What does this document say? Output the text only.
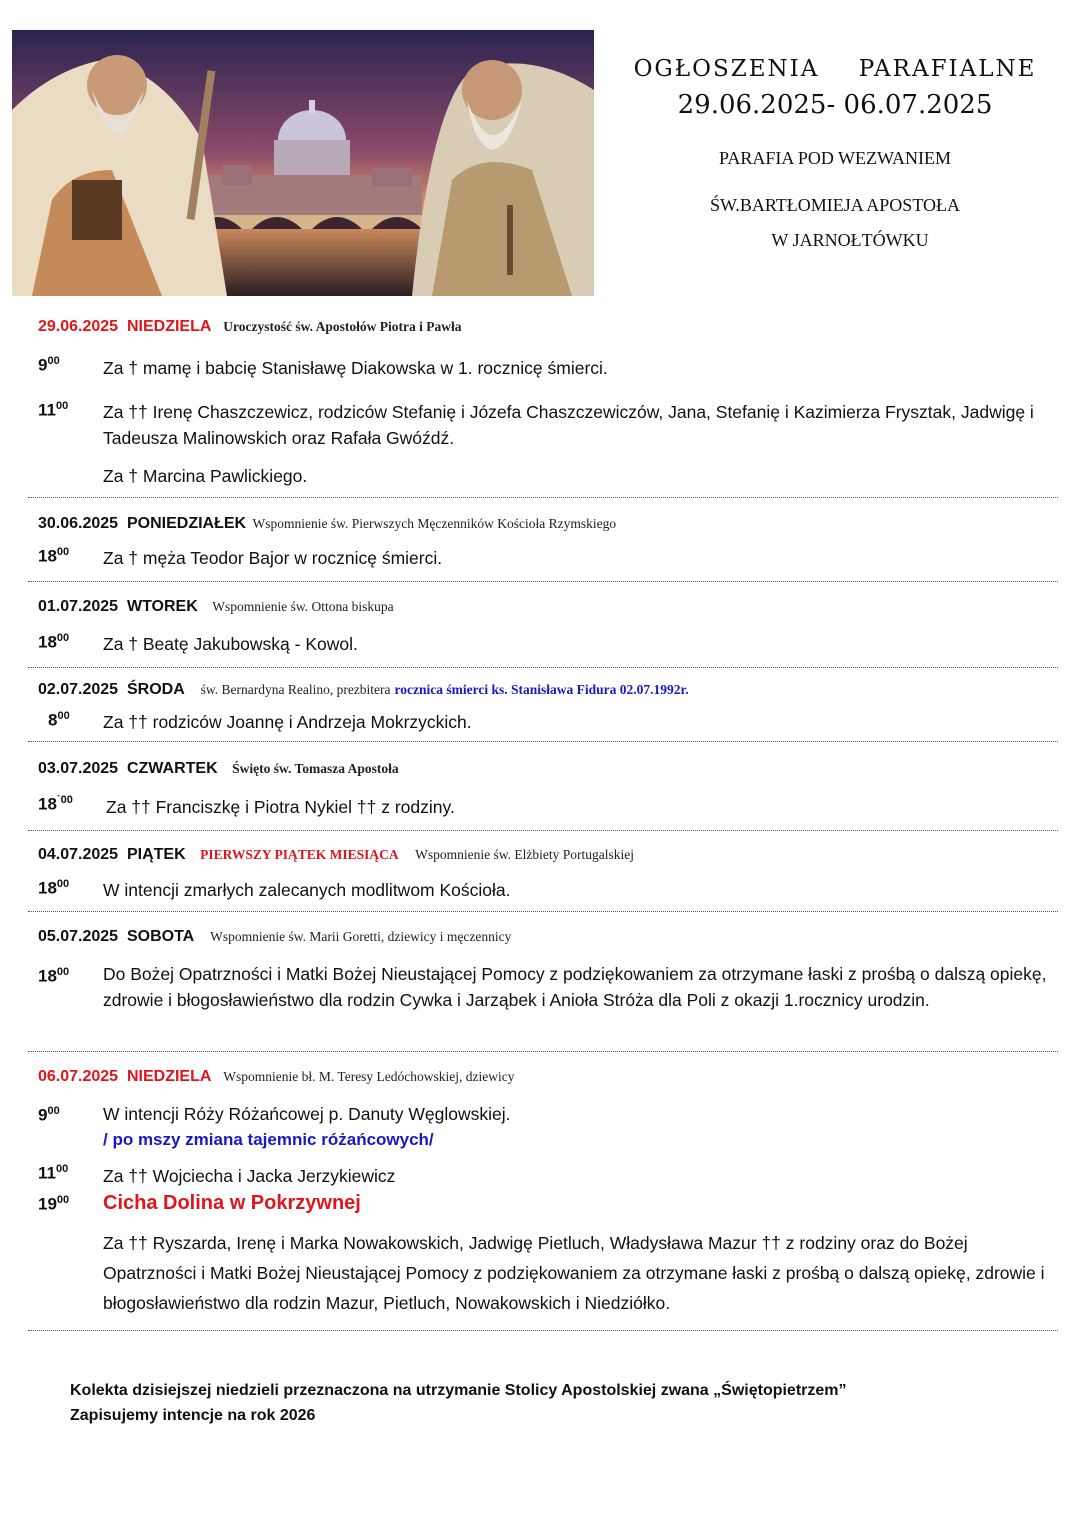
OGŁOSZENIA PARAFIALNE
29.06.2025- 06.07.2025
PARAFIA POD WEZWANIEM
ŚW.BARTŁOMIEJA APOSTOŁA
W JARNOŁTÓWKU
29.06.2025 NIEDZIELA Uroczystość św. Apostołów Piotra i Pawła
$9^{00}$ Za † mamę i babcię Stanisławę Diakowska w 1. rocznicę śmierci.
$11^{00}$ Za †† Irenę Chaszczewicz, rodziców Stefanię i Józefa Chaszczewiczów, Jana, Stefanię i Kazimierza Frysztak, Jadwigę i Tadeusza Malinowskich oraz Rafała Gwóźdź.
Za † Marcina Pawlickiego.
30.06.2025 PONIEDZIAŁEK Wspomnienie św. Pierwszych Męczenników Kościoła Rzymskiego
$18^{00}$ Za † męża Teodor Bajor w rocznicę śmierci.
01.07.2025 WTOREK Wspomnienie św. Ottona biskupa
$18^{00}$ Za † Beatę Jakubowską - Kowol.
02.07.2025 ŚRODA św. Bernardyna Realino, prezbitera rocznica śmierci ks. Stanisława Fidura 02.07.1992r.
$8^{00}$ Za †† rodziców Joannę i Andrzeja Mokrzyckich.
03.07.2025 CZWARTEK Święto św. Tomasza Apostoła
$18^{`00}$ Za †† Franciszkę i Piotra Nykiel †† z rodziny.
04.07.2025 PIĄTEK PIERWSZY PIĄTEK MIESIĄCA Wspomnienie św. Elżbiety Portugalskiej
$18^{00}$ W intencji zmarłych zalecanych modlitwom Kościoła.
05.07.2025 SOBOTA Wspomnienie św. Marii Goretti, dziewicy i męczennicy
$18^{00}$ Do Bożej Opatrzności i Matki Bożej Nieustającej Pomocy z podziękowaniem za otrzymane łaski z prośbą o dalszą opiekę, zdrowie i błogosławieństwo dla rodzin Cywka i Jarząbek i Anioła Stróża dla Poli z okazji 1.rocznicy urodzin.
06.07.2025 NIEDZIELA Wspomnienie bł. M. Teresy Ledóchowskiej, dziewicy
$9^{00}$ W intencji Róży Różańcowej p. Danuty Węglowskiej.
/ po mszy zmiana tajemnic różańcowych/
$11^{00}$ Za †† Wojciecha i Jacka Jerzykiewicz
$19^{00}$ Cicha Dolina w Pokrzywnej
Za †† Ryszarda, Irenę i Marka Nowakowskich, Jadwigę Pietluch, Władysława Mazur †† z rodziny oraz do Bożej Opatrzności i Matki Bożej Nieustającej Pomocy z podziękowaniem za otrzymane łaski z prośbą o dalszą opiekę, zdrowie i błogosławieństwo dla rodzin Mazur, Pietluch, Nowakowskich i Niedziółko.
Kolekta dzisiejszej niedzieli przeznaczona na utrzymanie Stolicy Apostolskiej zwana „Świętopietrzem”
Zapisujemy intencje na rok 2026
